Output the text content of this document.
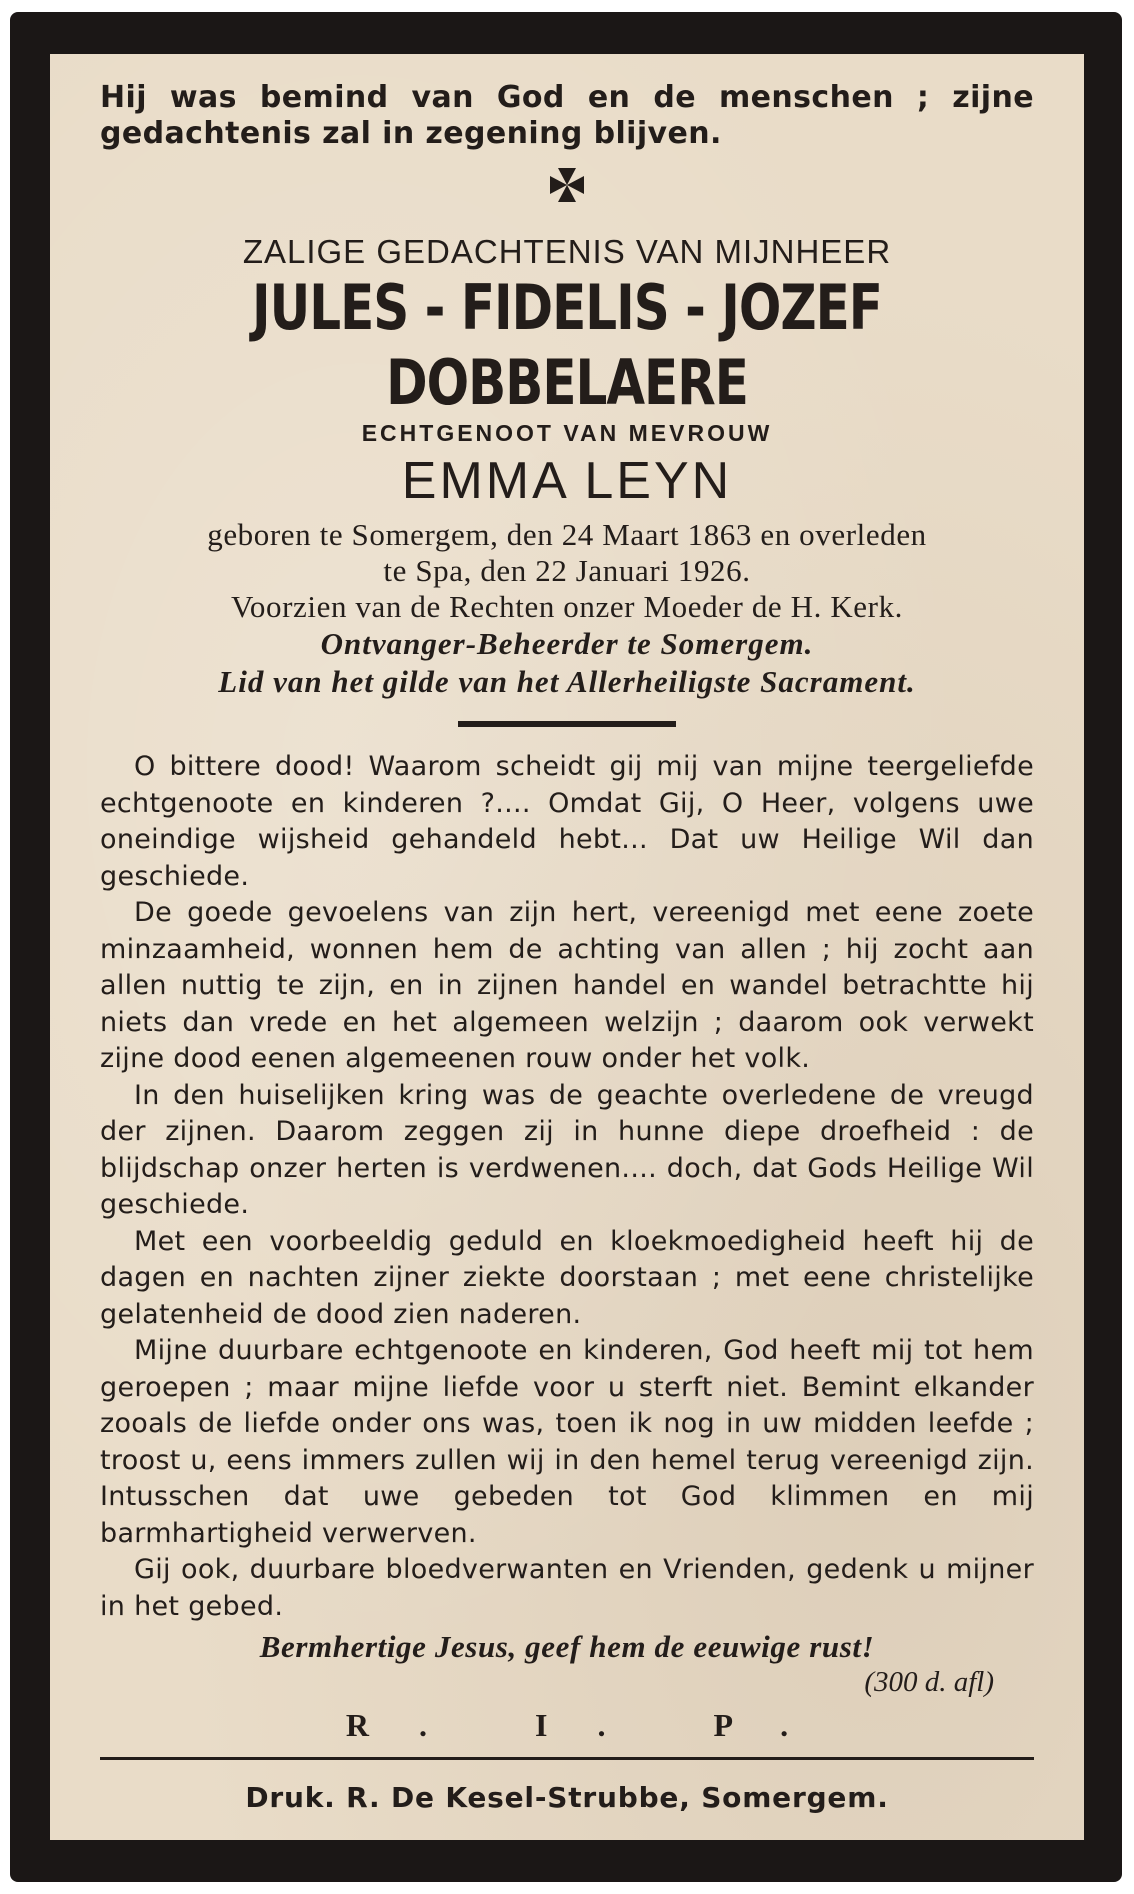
Hij was bemind van God en de menschen ; zijne gedachtenis zal in zegening blijven.
ZALIGE GEDACHTENIS VAN MIJNHEER
JULES - FIDELIS - JOZEF DOBBELAERE
ECHTGENOOT VAN MEVROUW
EMMA LEYN
geboren te Somergem, den 24 Maart 1863 en overleden
te Spa, den 22 Januari 1926.
Voorzien van de Rechten onzer Moeder de H. Kerk.
Ontvanger-Beheerder te Somergem.
Lid van het gilde van het Allerheiligste Sacrament.

O bittere dood! Waarom scheidt gij mij van mijne teergeliefde echtgenoote en kinderen ?.... Omdat Gij, O Heer, volgens uwe oneindige wijsheid gehandeld hebt... Dat uw Heilige Wil dan geschiede.

De goede gevoelens van zijn hert, vereenigd met eene zoete minzaamheid, wonnen hem de achting van allen ; hij zocht aan allen nuttig te zijn, en in zijnen handel en wandel betrachtte hij niets dan vrede en het algemeen welzijn ; daarom ook verwekt zijne dood eenen algemeenen rouw onder het volk.

In den huiselijken kring was de geachte overledene de vreugd der zijnen. Daarom zeggen zij in hunne diepe droefheid : de blijdschap onzer herten is verdwenen.... doch, dat Gods Heilige Wil geschiede.

Met een voorbeeldig geduld en kloekmoedigheid heeft hij de dagen en nachten zijner ziekte doorstaan ; met eene christelijke gelatenheid de dood zien naderen.

Mijne duurbare echtgenoote en kinderen, God heeft mij tot hem geroepen ; maar mijne liefde voor u sterft niet. Bemint elkander zooals de liefde onder ons was, toen ik nog in uw midden leefde ; troost u, eens immers zullen wij in den hemel terug vereenigd zijn. Intusschen dat uwe gebeden tot God klimmen en mij barmhartigheid verwerven.

Gij ook, duurbare bloedverwanten en Vrienden, gedenk u mijner in het gebed.

Bermhertige Jesus, geef hem de eeuwige rust!
(300 d. afl)
R. I. P.
Druk. R. De Kesel-Strubbe, Somergem.
